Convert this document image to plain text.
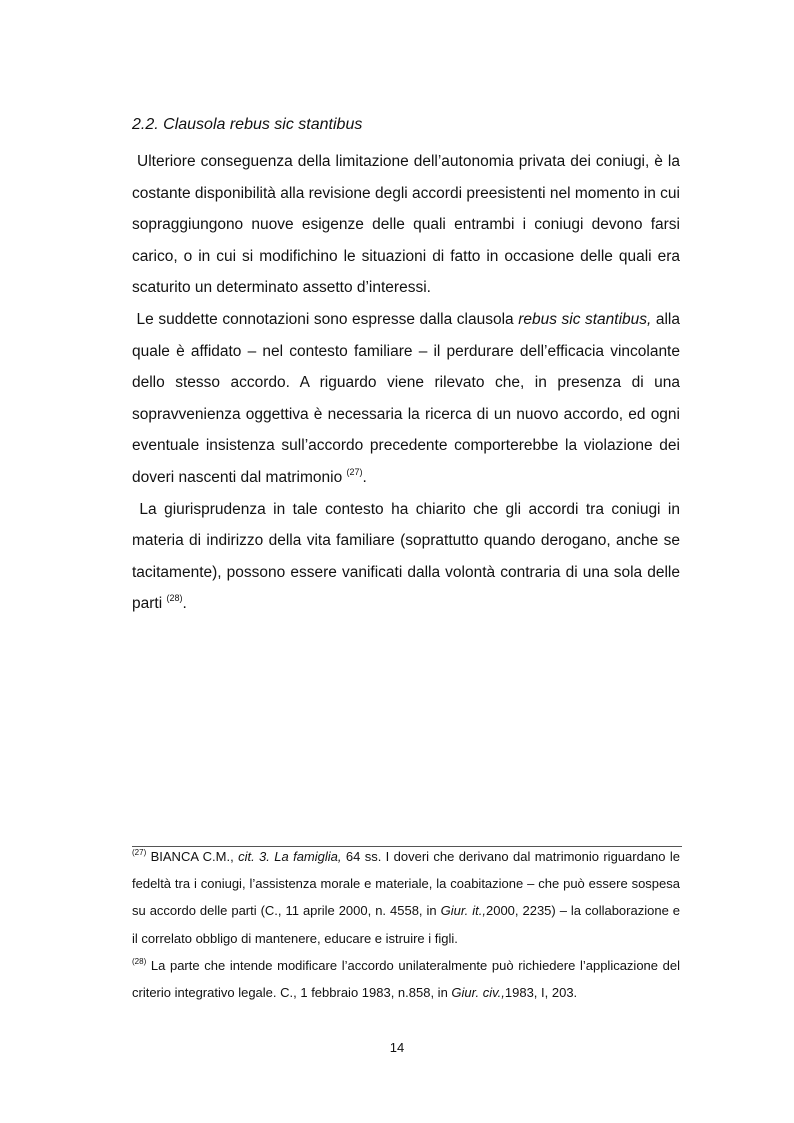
2.2. Clausola rebus sic stantibus

Ulteriore conseguenza della limitazione dell’autonomia privata dei coniugi, è la costante disponibilità alla revisione degli accordi preesistenti nel momento in cui sopraggiungono nuove esigenze delle quali entrambi i coniugi devono farsi carico, o in cui si modifichino le situazioni di fatto in occasione delle quali era scaturito un determinato assetto d’interessi.

Le suddette connotazioni sono espresse dalla clausola rebus sic stantibus, alla quale è affidato – nel contesto familiare – il perdurare dell’efficacia vincolante dello stesso accordo. A riguardo viene rilevato che, in presenza di una sopravvenienza oggettiva è necessaria la ricerca di un nuovo accordo, ed ogni eventuale insistenza sull’accordo precedente comporterebbe la violazione dei doveri nascenti dal matrimonio $^{(27)}$.

La giurisprudenza in tale contesto ha chiarito che gli accordi tra coniugi in materia di indirizzo della vita familiare (soprattutto quando derogano, anche se tacitamente), possono essere vanificati dalla volontà contraria di una sola delle parti $^{(28)}$.

$^{(27)}$ BIANCA C.M., cit. 3. La famiglia, 64 ss. I doveri che derivano dal matrimonio riguardano le fedeltà tra i coniugi, l’assistenza morale e materiale, la coabitazione – che può essere sospesa su accordo delle parti (C., 11 aprile 2000, n. 4558, in Giur. it.,2000, 2235) – la collaborazione e il correlato obbligo di mantenere, educare e istruire i figli.

$^{(28)}$ La parte che intende modificare l’accordo unilateralmente può richiedere l’applicazione del criterio integrativo legale. C., 1 febbraio 1983, n.858, in Giur. civ.,1983, I, 203.

14
